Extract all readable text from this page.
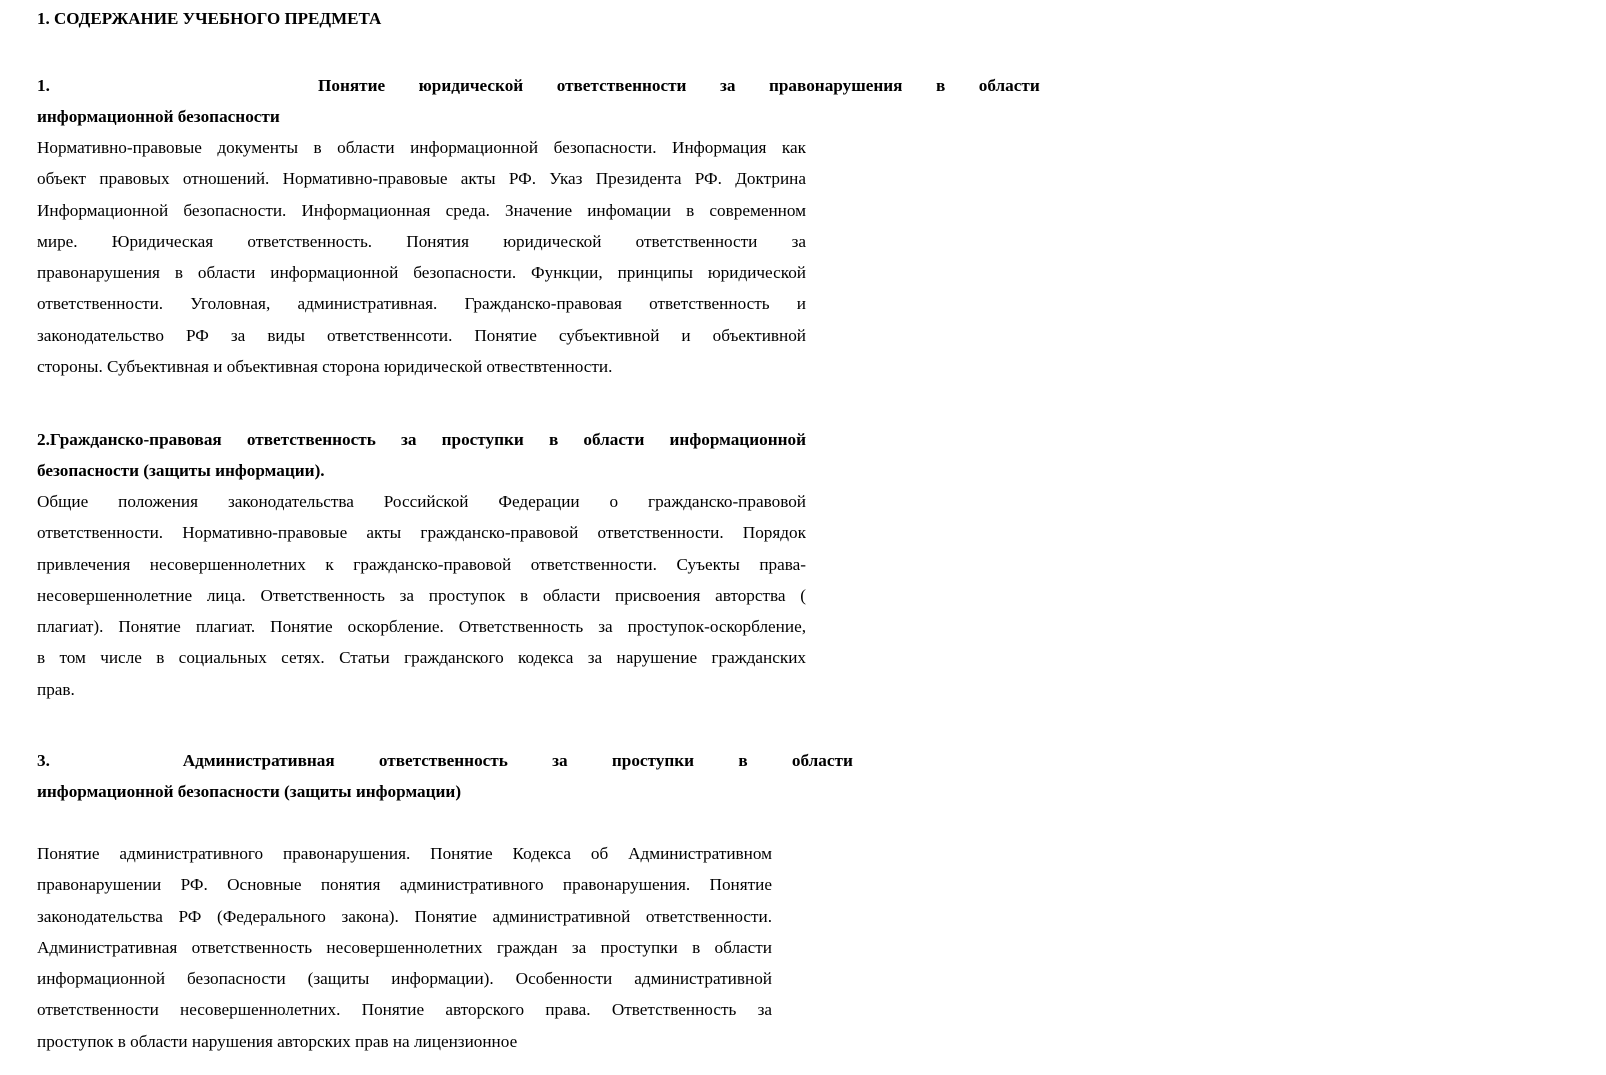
1. СОДЕРЖАНИЕ УЧЕБНОГО ПРЕДМЕТА
1.        Понятие юридической ответственности за правонарушения в области
информационной безопасности
Нормативно-правовые документы в области информационной безопасности. Информация как
объект правовых отношений. Нормативно-правовые акты РФ. Указ Президента РФ. Доктрина
Информационной безопасности. Информационная среда. Значение инфомации в современном
мире. Юридическая ответственность. Понятия юридической ответственности за
правонарушения в области информационной безопасности. Функции, принципы юридической
ответственности. Уголовная, административная. Гражданско-правовая ответственность и
законодательство РФ за виды ответственнсоти. Понятие субъективной и объективной
стороны. Субъективная и объективная сторона юридической отвествтенности.
2.Гражданско-правовая ответственность за проступки в области информационной
безопасности (защиты информации).
Общие положения законодательства Российской Федерации о гражданско-правовой
ответственности. Нормативно-правовые акты гражданско-правовой ответственности. Порядок
привлечения несовершеннолетних к гражданско-правовой ответственности. Суъекты права-
несовершеннолетние лица. Ответственность за проступок в области присвоения авторства (
плагиат). Понятие плагиат. Понятие оскорбление. Ответственность за проступок-оскорбление,
в том числе в социальных сетях. Статьи гражданского кодекса за нарушение гражданских
прав.
3.   Административная ответственность за проступки в области
информационной безопасности (защиты информации)
Понятие административного правонарушения. Понятие Кодекса об Административном
правонарушении РФ. Основные понятия административного правонарушения. Понятие
законодательства РФ (Федерального закона). Понятие административной ответственности.
Административная ответственность несовершеннолетних граждан за проступки в области
информационной безопасности (защиты информации). Особенности административной
ответственности несовершеннолетних. Понятие авторского права. Ответственность за
проступок в области нарушения авторских прав на лицензионное
